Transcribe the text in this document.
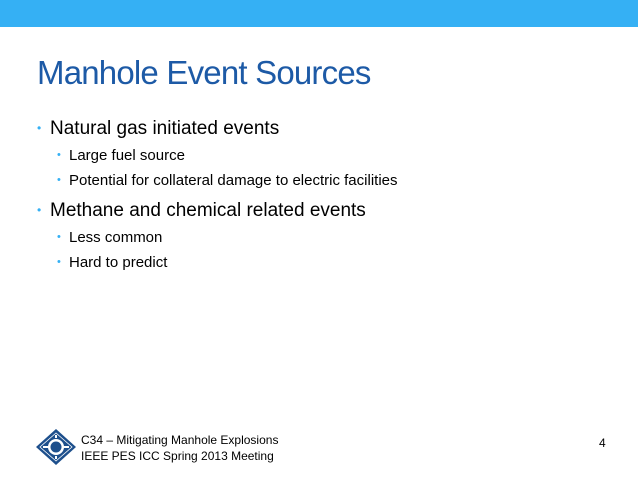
Manhole Event Sources
• Natural gas initiated events
• Large fuel source
• Potential for collateral damage to electric facilities
• Methane and chemical related events
• Less common
• Hard to predict
C34 – Mitigating Manhole Explosions
IEEE PES ICC Spring 2013 Meeting
4
